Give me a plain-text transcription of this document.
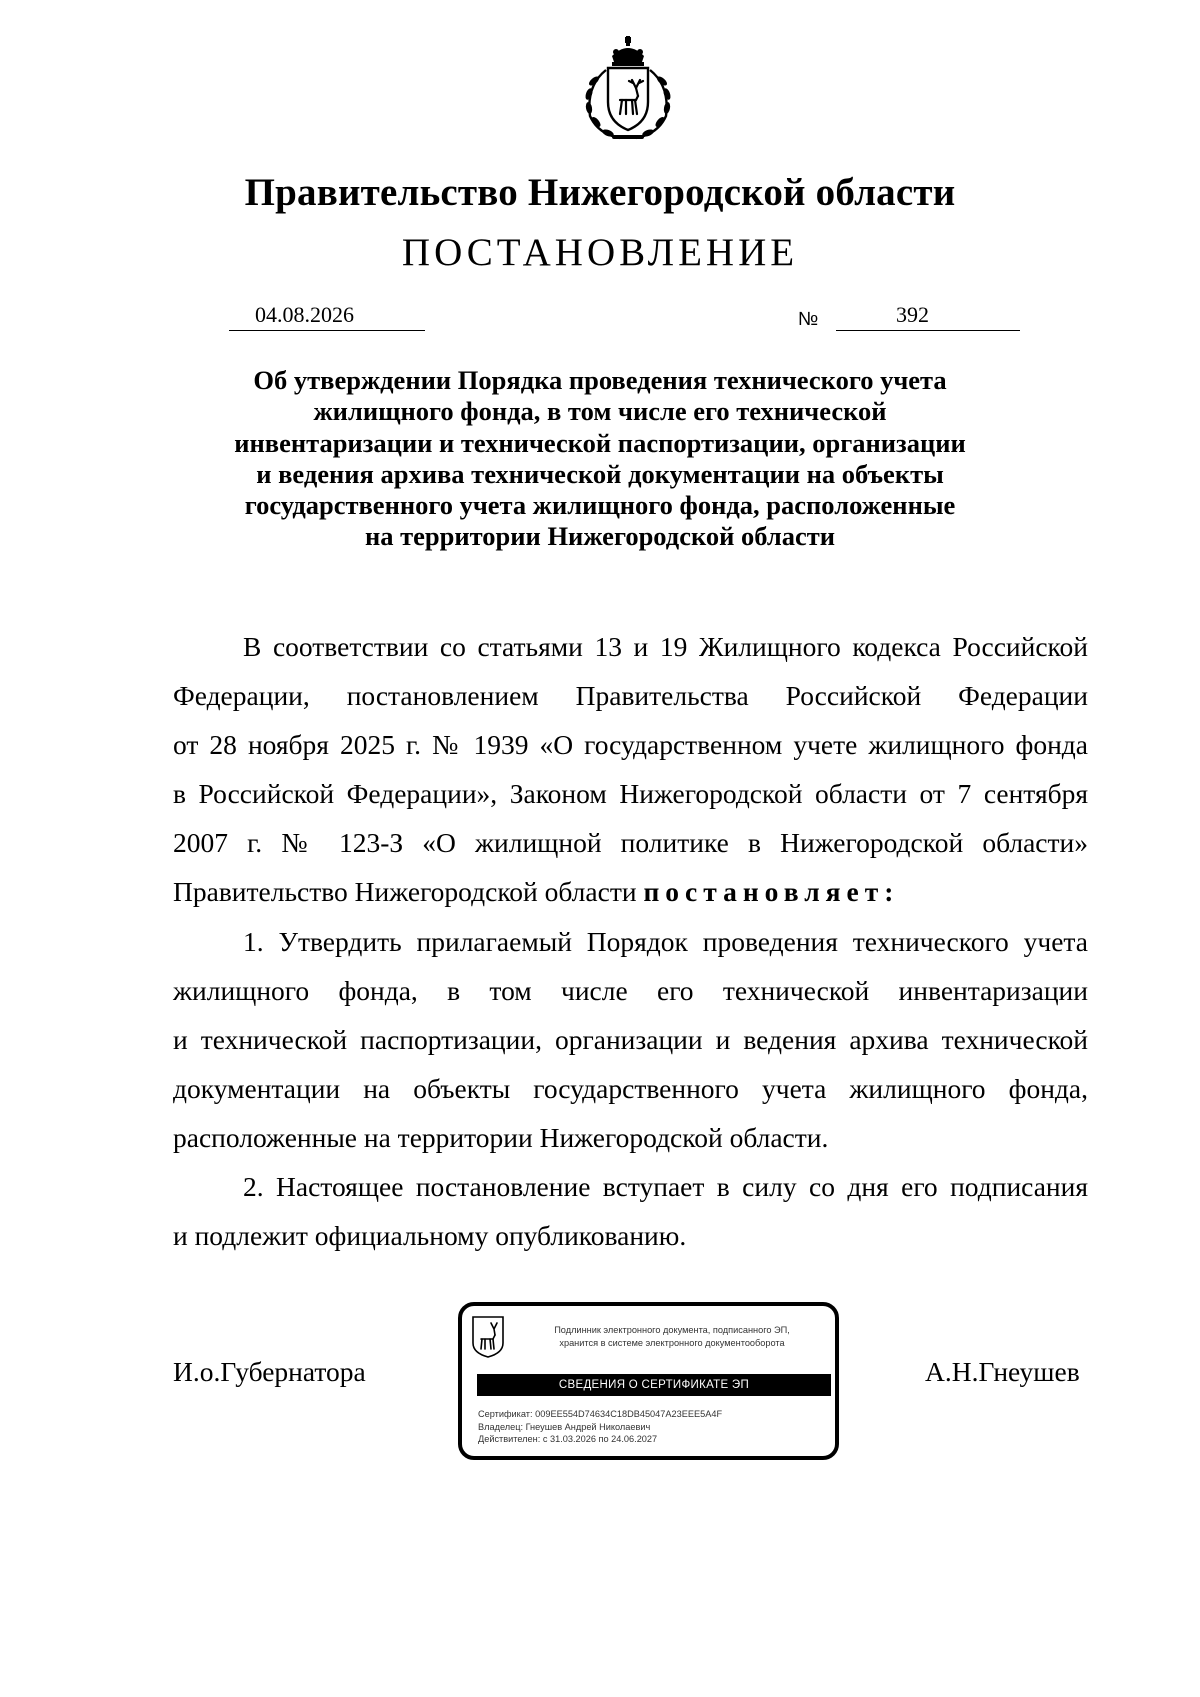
Правительство Нижегородской области
ПОСТАНОВЛЕНИЕ
04.08.2026	№	392
Об утверждении Порядка проведения технического учета
жилищного фонда, в том числе его технической
инвентаризации и технической паспортизации, организации
и ведения архива технической документации на объекты
государственного учета жилищного фонда, расположенные
на территории Нижегородской области

В соответствии со статьями 13 и 19 Жилищного кодекса Российской
Федерации, постановлением Правительства Российской Федерации
от 28 ноября 2025 г. № 1939 «О государственном учете жилищного фонда
в Российской Федерации», Законом Нижегородской области от 7 сентября
2007 г. № 123-З «О жилищной политике в Нижегородской области»
Правительство Нижегородской области постановляет:

1. Утвердить прилагаемый Порядок проведения технического учета
жилищного фонда, в том числе его технической инвентаризации
и технической паспортизации, организации и ведения архива технической
документации на объекты государственного учета жилищного фонда,
расположенные на территории Нижегородской области.

2. Настоящее постановление вступает в силу со дня его подписания
и подлежит официальному опубликованию.

И.о.Губернатора	А.Н.Гнеушев
Подлинник электронного документа, подписанного ЭП,
хранится в системе электронного документооборота
СВЕДЕНИЯ О СЕРТИФИКАТЕ ЭП
Сертификат: 009EE554D74634C18DB45047A23EEE5A4F
Владелец: Гнеушев Андрей Николаевич
Действителен: с 31.03.2026 по 24.06.2027
